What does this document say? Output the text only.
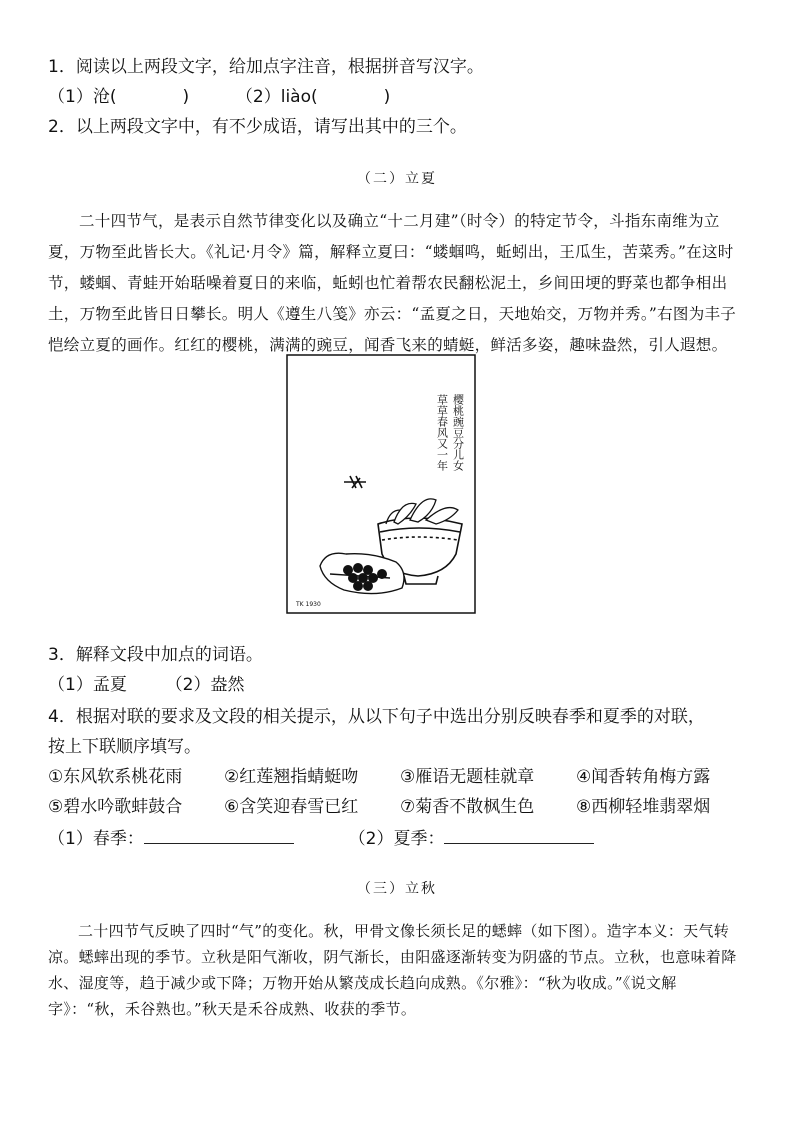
1．阅读以上两段文字，给加点字注音，根据拼音写汉字。
（1）沧(	)	（2）liào(	)
2．以上两段文字中，有不少成语，请写出其中的三个。
（二）立夏

二十四节气，是表示自然节律变化以及确立“十二月建”（时令）的特定节令，斗指东南维为立夏，万物至此皆长大。《礼记·月令》篇，解释立夏曰：“蝼蝈鸣，蚯蚓出，王瓜生，苦菜秀。”在这时节，蝼蝈、青蛙开始聒噪着夏日的来临，蚯蚓也忙着帮农民翻松泥土，乡间田埂的野菜也都争相出土，万物至此皆日日攀长。明人《遵生八笺》亦云：“孟夏之日，天地始交，万物并秀。”右图为丰子恺绘立夏的画作。红红的樱桃，满满的豌豆，闻香飞来的蜻蜓，鲜活多姿，趣味盎然，引人遐想。

樱桃豌豆分儿女
草草春风又一年
TK 1930
3．解释文段中加点的词语。
（1）孟夏 （2）盎然
4．根据对联的要求及文段的相关提示，从以下句子中选出分别反映春季和夏季的对联，
按上下联顺序填写。
①东风软系桃花雨 ②红莲翘指蜻蜓吻 ③雁语无题桂就章 ④闻香转角梅方露
⑤碧水吟歌蚌鼓合 ⑥含笑迎春雪已红 ⑦菊香不散枫生色 ⑧西柳轻堆翡翠烟
（1）春季：	（2）夏季：
（三）立秋

二十四节气反映了四时“气”的变化。秋，甲骨文像长须长足的蟋蟀（如下图）。造字本义：天气转凉。蟋蟀出现的季节。立秋是阳气渐收，阴气渐长，由阳盛逐渐转变为阴盛的节点。立秋，也意味着降水、湿度等，趋于减少或下降；万物开始从繁茂成长趋向成熟。《尔雅》：“秋为收成。”《说文解字》：“秋，禾谷熟也。”秋天是禾谷成熟、收获的季节。
